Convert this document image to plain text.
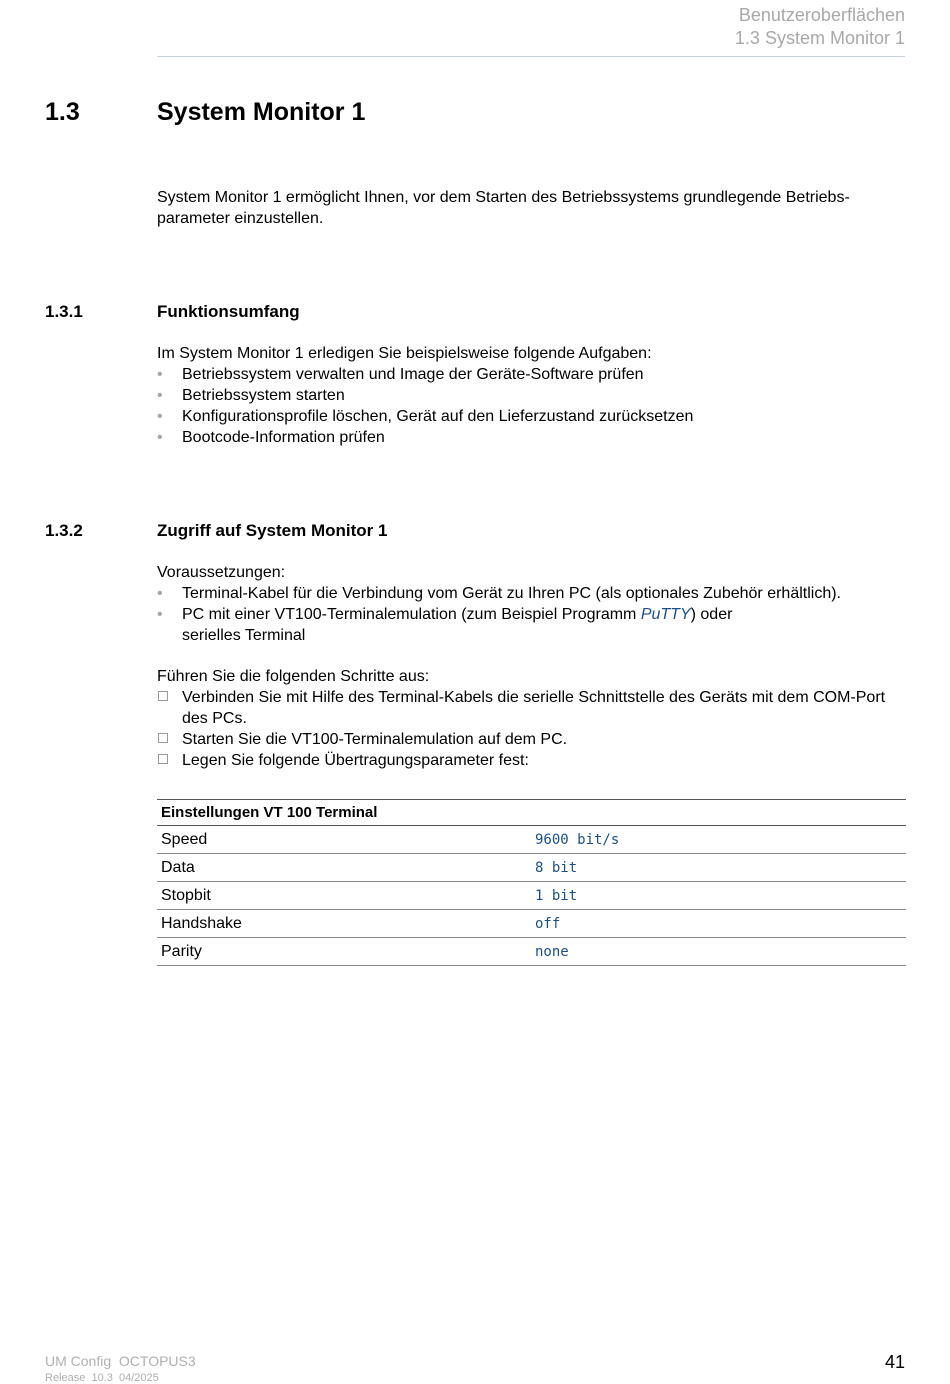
Benutzeroberflächen
1.3 System Monitor 1
1.3	System Monitor 1
System Monitor 1 ermöglicht Ihnen, vor dem Starten des Betriebssystems grundlegende Betriebs-parameter einzustellen.
1.3.1	Funktionsumfang
Im System Monitor 1 erledigen Sie beispielsweise folgende Aufgaben:
• Betriebssystem verwalten und Image der Geräte-Software prüfen
• Betriebssystem starten
• Konfigurationsprofile löschen, Gerät auf den Lieferzustand zurücksetzen
• Bootcode-Information prüfen
1.3.2	Zugriff auf System Monitor 1
Voraussetzungen:
• Terminal-Kabel für die Verbindung vom Gerät zu Ihren PC (als optionales Zubehör erhältlich).
• PC mit einer VT100-Terminalemulation (zum Beispiel Programm PuTTY) oder serielles Terminal
Führen Sie die folgenden Schritte aus:
Verbinden Sie mit Hilfe des Terminal-Kabels die serielle Schnittstelle des Geräts mit dem COM-Port des PCs.
Starten Sie die VT100-Terminalemulation auf dem PC.
Legen Sie folgende Übertragungsparameter fest:
Einstellungen VT 100 Terminal	
Speed	9600 bit/s
Data	8 bit
Stopbit	1 bit
Handshake	off
Parity	none
UM Config  OCTOPUS3
Release  10.3  04/2025
41
